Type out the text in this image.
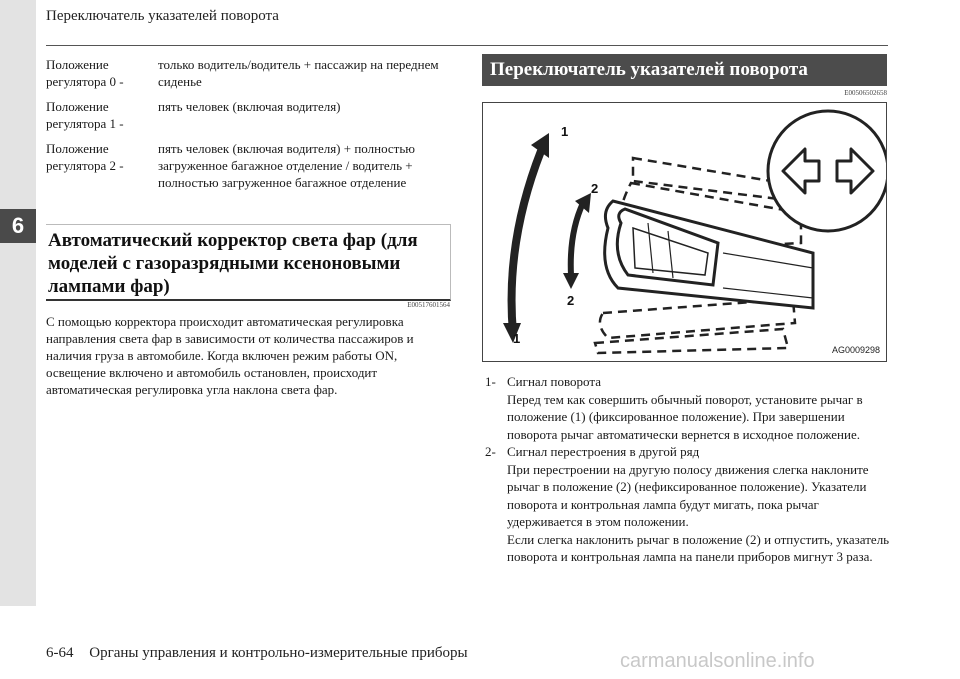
6
Переключатель указателей поворота
Положение регулятора 0 -
только водитель/водитель + пассажир на переднем сиденье
Положение регулятора 1 -
пять человек (включая водителя)
Положение регулятора 2 -
пять человек (включая водителя) + полностью загруженное багажное отделение / водитель + полностью загруженное багажное отделение
Автоматический корректор света фар (для моделей с газоразрядными ксеноновыми лампами фар)
E00517601564
С помощью корректора происходит автоматическая регулировка направления света фар в зависимости от количества пассажиров и наличия груза в автомобиле. Когда включен режим работы ON, освещение включено и автомобиль остановлен, происходит автоматическая регулировка угла наклона света фар.
Переключатель указателей поворота
E00506502658
1
2
2
1
AG0009298
1- Сигнал поворота
Перед тем как совершить обычный поворот, установите рычаг в положение (1) (фиксированное положение). При завершении поворота рычаг автоматически вернется в исходное положение.
2- Сигнал перестроения в другой ряд
При перестроении на другую полосу движения слегка наклоните рычаг в положение (2) (нефиксированное положение). Указатели поворота и контрольная лампа будут мигать, пока рычаг удерживается в этом положении.
Если слегка наклонить рычаг в положение (2) и отпустить, указатель поворота и контрольная лампа на панели приборов мигнут 3 раза.
6-64 Органы управления и контрольно-измерительные приборы	carmanualsonline.info
